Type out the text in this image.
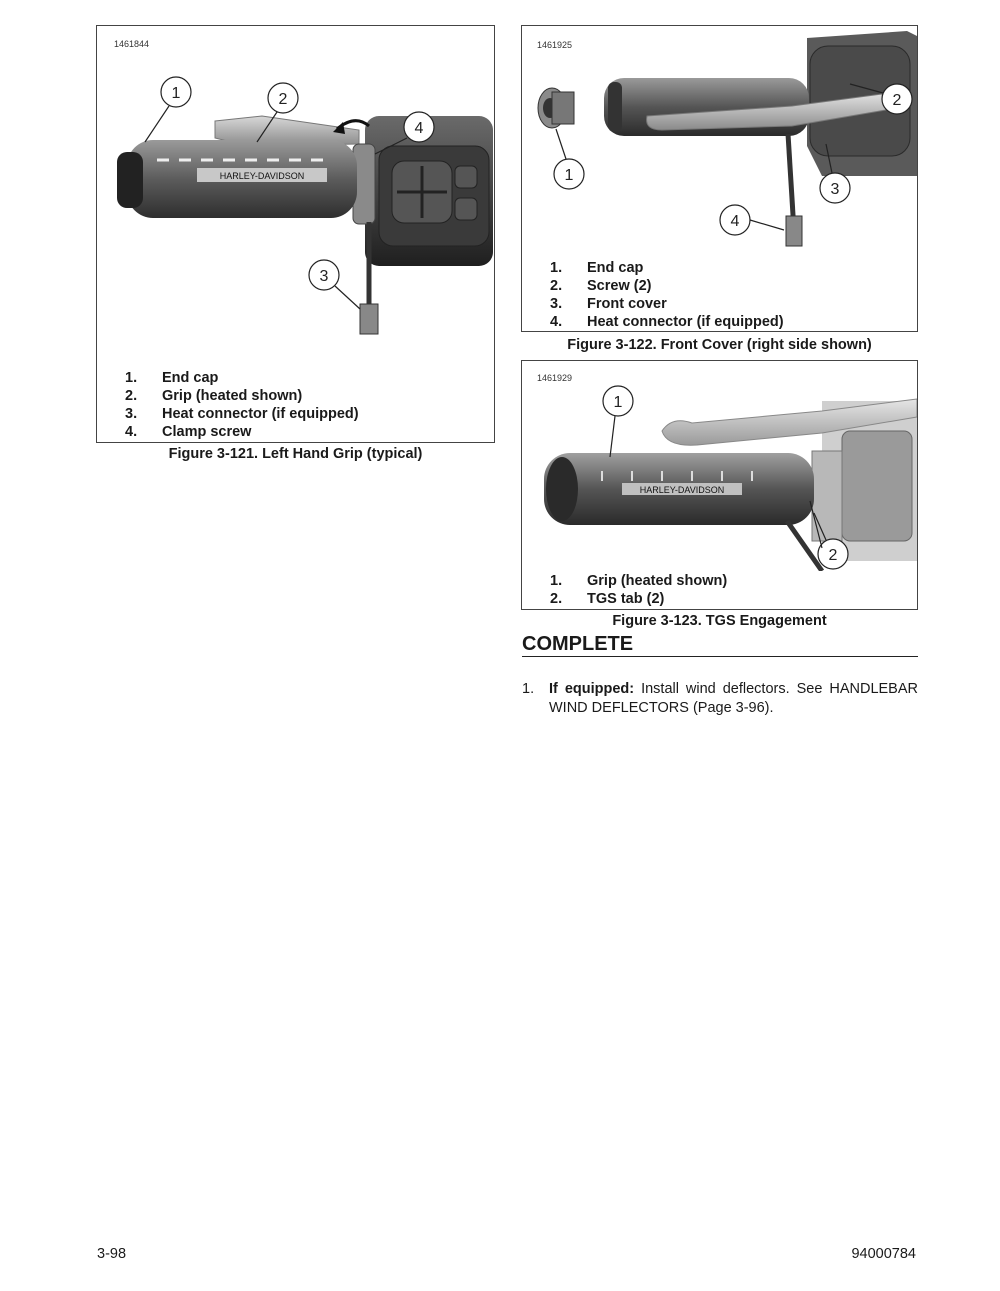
1461844
HARLEY-DAVIDSON
1	2
3
4
1.	End cap
2.	Grip (heated shown)
3.	Heat connector (if equipped)
4.	Clamp screw
Figure 3-121. Left Hand Grip (typical)
1461925
1
2
3
4
1.	End cap
2.	Screw (2)
3.	Front cover
4.	Heat connector (if equipped)
Figure 3-122. Front Cover (right side shown)
1461929
HARLEY-DAVIDSON
1
2
1.	Grip (heated shown)
2.	TGS tab (2)
Figure 3-123. TGS Engagement
COMPLETE
1.	If equipped: Install wind deflectors. See HANDLEBAR WIND DEFLECTORS (Page 3-96).
3-98	94000784
